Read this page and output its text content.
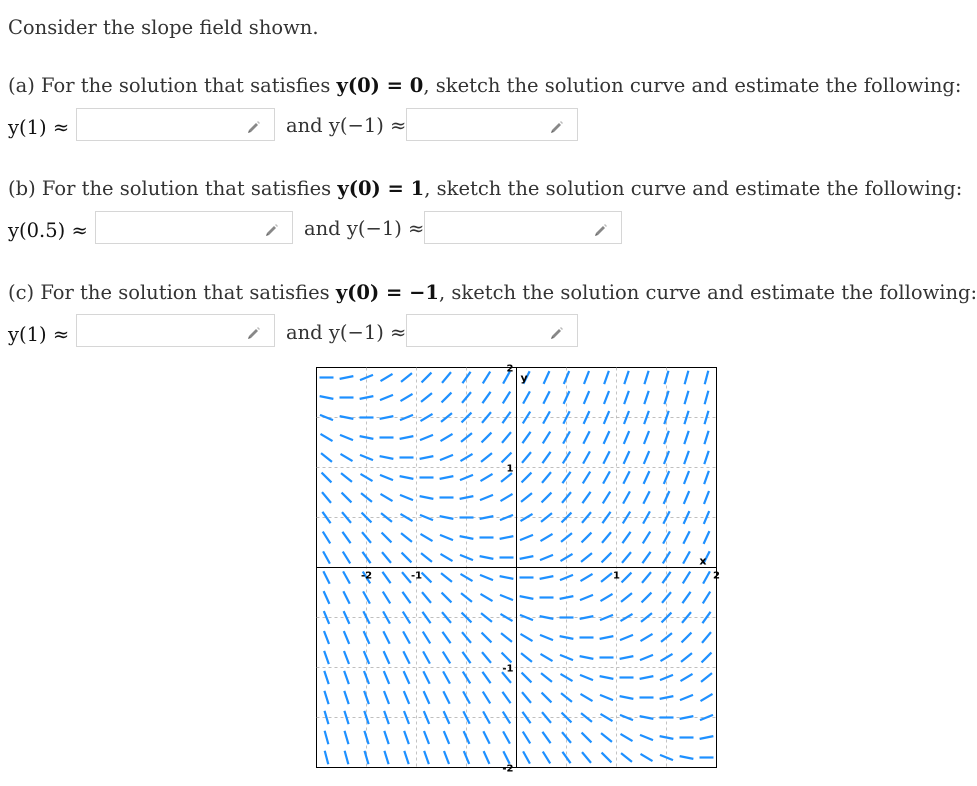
Consider the slope field shown.
(a) For the solution that satisfies y(0) = 0, sketch the solution curve and estimate the following:
y(1) ≈	and y(−1) ≈
(b) For the solution that satisfies y(0) = 1, sketch the solution curve and estimate the following:
y(0.5) ≈	and y(−1) ≈
(c) For the solution that satisfies y(0) = −1, sketch the solution curve and estimate the following:
y(1) ≈	and y(−1) ≈
-2	-1	1	2
2
1
-1
-2
x
y
